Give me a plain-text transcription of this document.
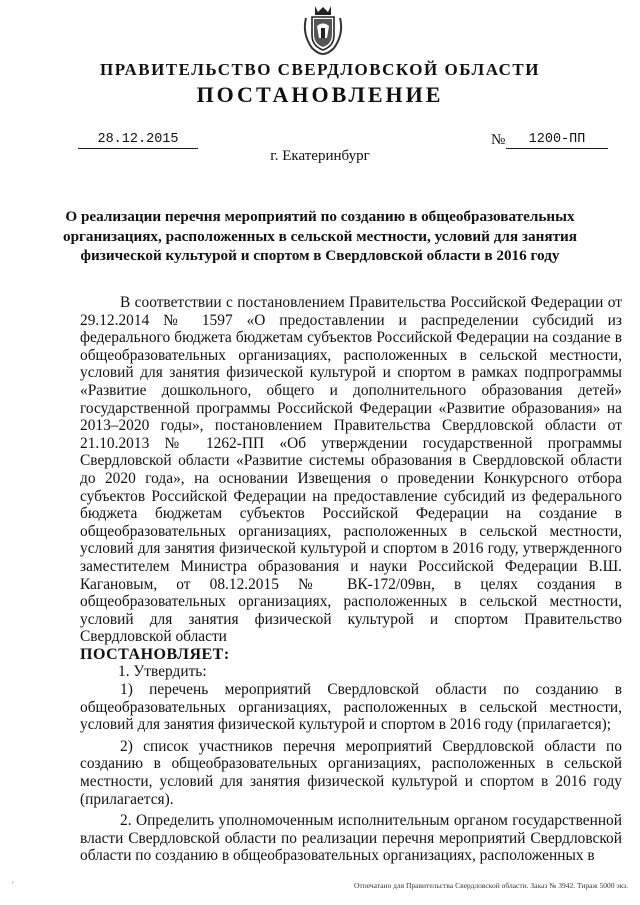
ПРАВИТЕЛЬСТВО СВЕРДЛОВСКОЙ ОБЛАСТИ
ПОСТАНОВЛЕНИЕ
28.12.2015	№	1200-ПП
г. Екатеринбург
О реализации перечня мероприятий по созданию в общеобразовательных организациях, расположенных в сельской местности, условий для занятия физической культурой и спортом в Свердловской области в 2016 году

В соответствии с постановлением Правительства Российской Федерации от 29.12.2014 № 1597 «О предоставлении и распределении субсидий из федерального бюджета бюджетам субъектов Российской Федерации на создание в общеобразовательных организациях, расположенных в сельской местности, условий для занятия физической культурой и спортом в рамках подпрограммы «Развитие дошкольного, общего и дополнительного образования детей» государственной программы Российской Федерации «Развитие образования» на 2013–2020 годы», постановлением Правительства Свердловской области от 21.10.2013 № 1262-ПП «Об утверждении государственной программы Свердловской области «Развитие системы образования в Свердловской области до 2020 года», на основании Извещения о проведении Конкурсного отбора субъектов Российской Федерации на предоставление субсидий из федерального бюджета бюджетам субъектов Российской Федерации на создание в общеобразовательных организациях, расположенных в сельской местности, условий для занятия физической культурой и спортом в 2016 году, утвержденного заместителем Министра образования и науки Российской Федерации В.Ш. Кагановым, от 08.12.2015 № ВК-172/09вн, в целях создания в общеобразовательных организациях, расположенных в сельской местности, условий для занятия физической культурой и спортом Правительство Свердловской области

ПОСТАНОВЛЯЕТ:

1. Утвердить:

1) перечень мероприятий Свердловской области по созданию в общеобразовательных организациях, расположенных в сельской местности, условий для занятия физической культурой и спортом в 2016 году (прилагается);

2) список участников перечня мероприятий Свердловской области по созданию в общеобразовательных организациях, расположенных в сельской местности, условий для занятия физической культурой и спортом в 2016 году (прилагается).

2. Определить уполномоченным исполнительным органом государственной власти Свердловской области по реализации перечня мероприятий Свердловской области по созданию в общеобразовательных организациях, расположенных в

'	Отпечатано для Правительства Свердловской области. Заказ № 3942. Тираж 5000 экз.
